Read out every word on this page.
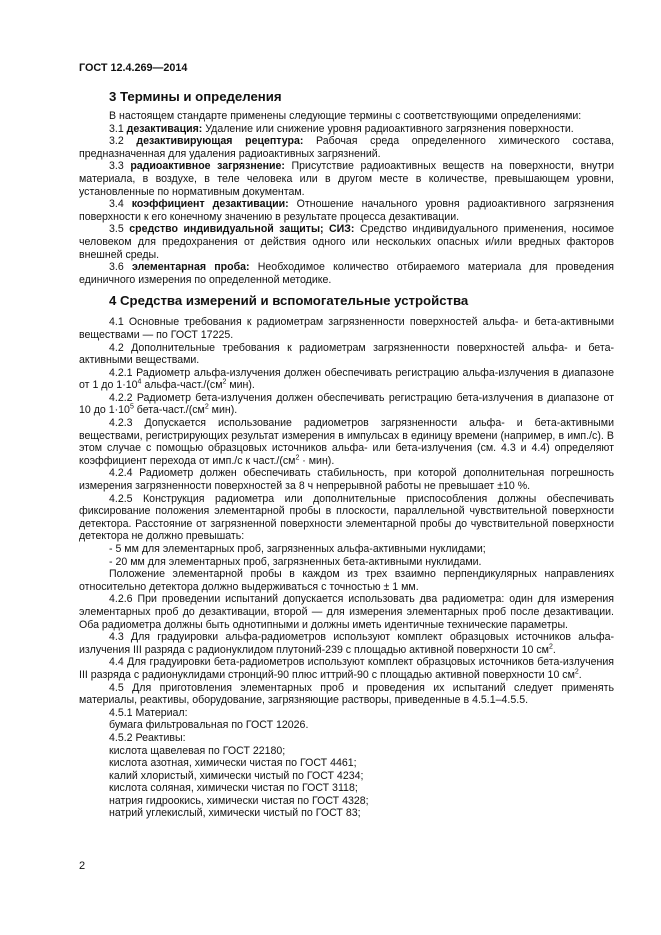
ГОСТ 12.4.269—2014
3 Термины и определения

В настоящем стандарте применены следующие термины с соответствующими определениями:

3.1 дезактивация: Удаление или снижение уровня радиоактивного загрязнения поверхности.

3.2 дезактивирующая рецептура: Рабочая среда определенного химического состава, предназначенная для удаления радиоактивных загрязнений.

3.3 радиоактивное загрязнение: Присутствие радиоактивных веществ на поверхности, внутри материала, в воздухе, в теле человека или в другом месте в количестве, превышающем уровни, установленные по нормативным документам.

3.4 коэффициент дезактивации: Отношение начального уровня радиоактивного загрязнения поверхности к его конечному значению в результате процесса дезактивации.

3.5 средство индивидуальной защиты; СИЗ: Средство индивидуального применения, носимое человеком для предохранения от действия одного или нескольких опасных и/или вредных факторов внешней среды.

3.6 элементарная проба: Необходимое количество отбираемого материала для проведения единичного измерения по определенной методике.

4 Средства измерений и вспомогательные устройства

4.1 Основные требования к радиометрам загрязненности поверхностей альфа- и бета-активными веществами — по ГОСТ 17225.

4.2 Дополнительные требования к радиометрам загрязненности поверхностей альфа- и бета-активными веществами.

4.2.1 Радиометр альфа-излучения должен обеспечивать регистрацию альфа-излучения в диапазоне от 1 до $1\cdot 10^4$ альфа-$част./(см^2$ мин).

4.2.2 Радиометр бета-излучения должен обеспечивать регистрацию бета-излучения в диапазоне от 10 до $1\cdot 10^5$ бета-$част./(см^2$ мин).

4.2.3 Допускается использование радиометров загрязненности альфа- и бета-активными веществами, регистрирующих результат измерения в импульсах в единицу времени (например, в имп./с). В этом случае с помощью образцовых источников альфа- или бета-излучения (см. 4.3 и 4.4) определяют коэффициент перехода от имп./с к $част./(см^2 \cdot мин)$.

4.2.4 Радиометр должен обеспечивать стабильность, при которой дополнительная погрешность измерения загрязненности поверхностей за 8 ч непрерывной работы не превышает ±10 %.

4.2.5 Конструкция радиометра или дополнительные приспособления должны обеспечивать фиксирование положения элементарной пробы в плоскости, параллельной чувствительной поверхности детектора. Расстояние от загрязненной поверхности элементарной пробы до чувствительной поверхности детектора не должно превышать:

- 5 мм для элементарных проб, загрязненных альфа-активными нуклидами;

- 20 мм для элементарных проб, загрязненных бета-активными нуклидами.

Положение элементарной пробы в каждом из трех взаимно перпендикулярных направлениях относительно детектора должно выдерживаться с точностью ± 1 мм.

4.2.6 При проведении испытаний допускается использовать два радиометра: один для измерения элементарных проб до дезактивации, второй — для измерения элементарных проб после дезактивации. Оба радиометра должны быть однотипными и должны иметь идентичные технические параметры.

4.3 Для градуировки альфа-радиометров используют комплект образцовых источников альфа-излучения III разряда с радионуклидом плутоний-239 с площадью активной поверхности 10 $см^2$.

4.4 Для градуировки бета-радиометров используют комплект образцовых источников бета-излучения III разряда с радионуклидами стронций-90 плюс иттрий-90 с площадью активной поверхности 10 $см^2$.

4.5 Для приготовления элементарных проб и проведения их испытаний следует применять материалы, реактивы, оборудование, загрязняющие растворы, приведенные в 4.5.1–4.5.5.

4.5.1 Материал:

бумага фильтровальная по ГОСТ 12026.

4.5.2 Реактивы:

кислота щавелевая по ГОСТ 22180;

кислота азотная, химически чистая по ГОСТ 4461;

калий хлористый, химически чистый по ГОСТ 4234;

кислота соляная, химически чистая по ГОСТ 3118;

натрия гидроокись, химически чистая по ГОСТ 4328;

натрий углекислый, химически чистый по ГОСТ 83;

2
